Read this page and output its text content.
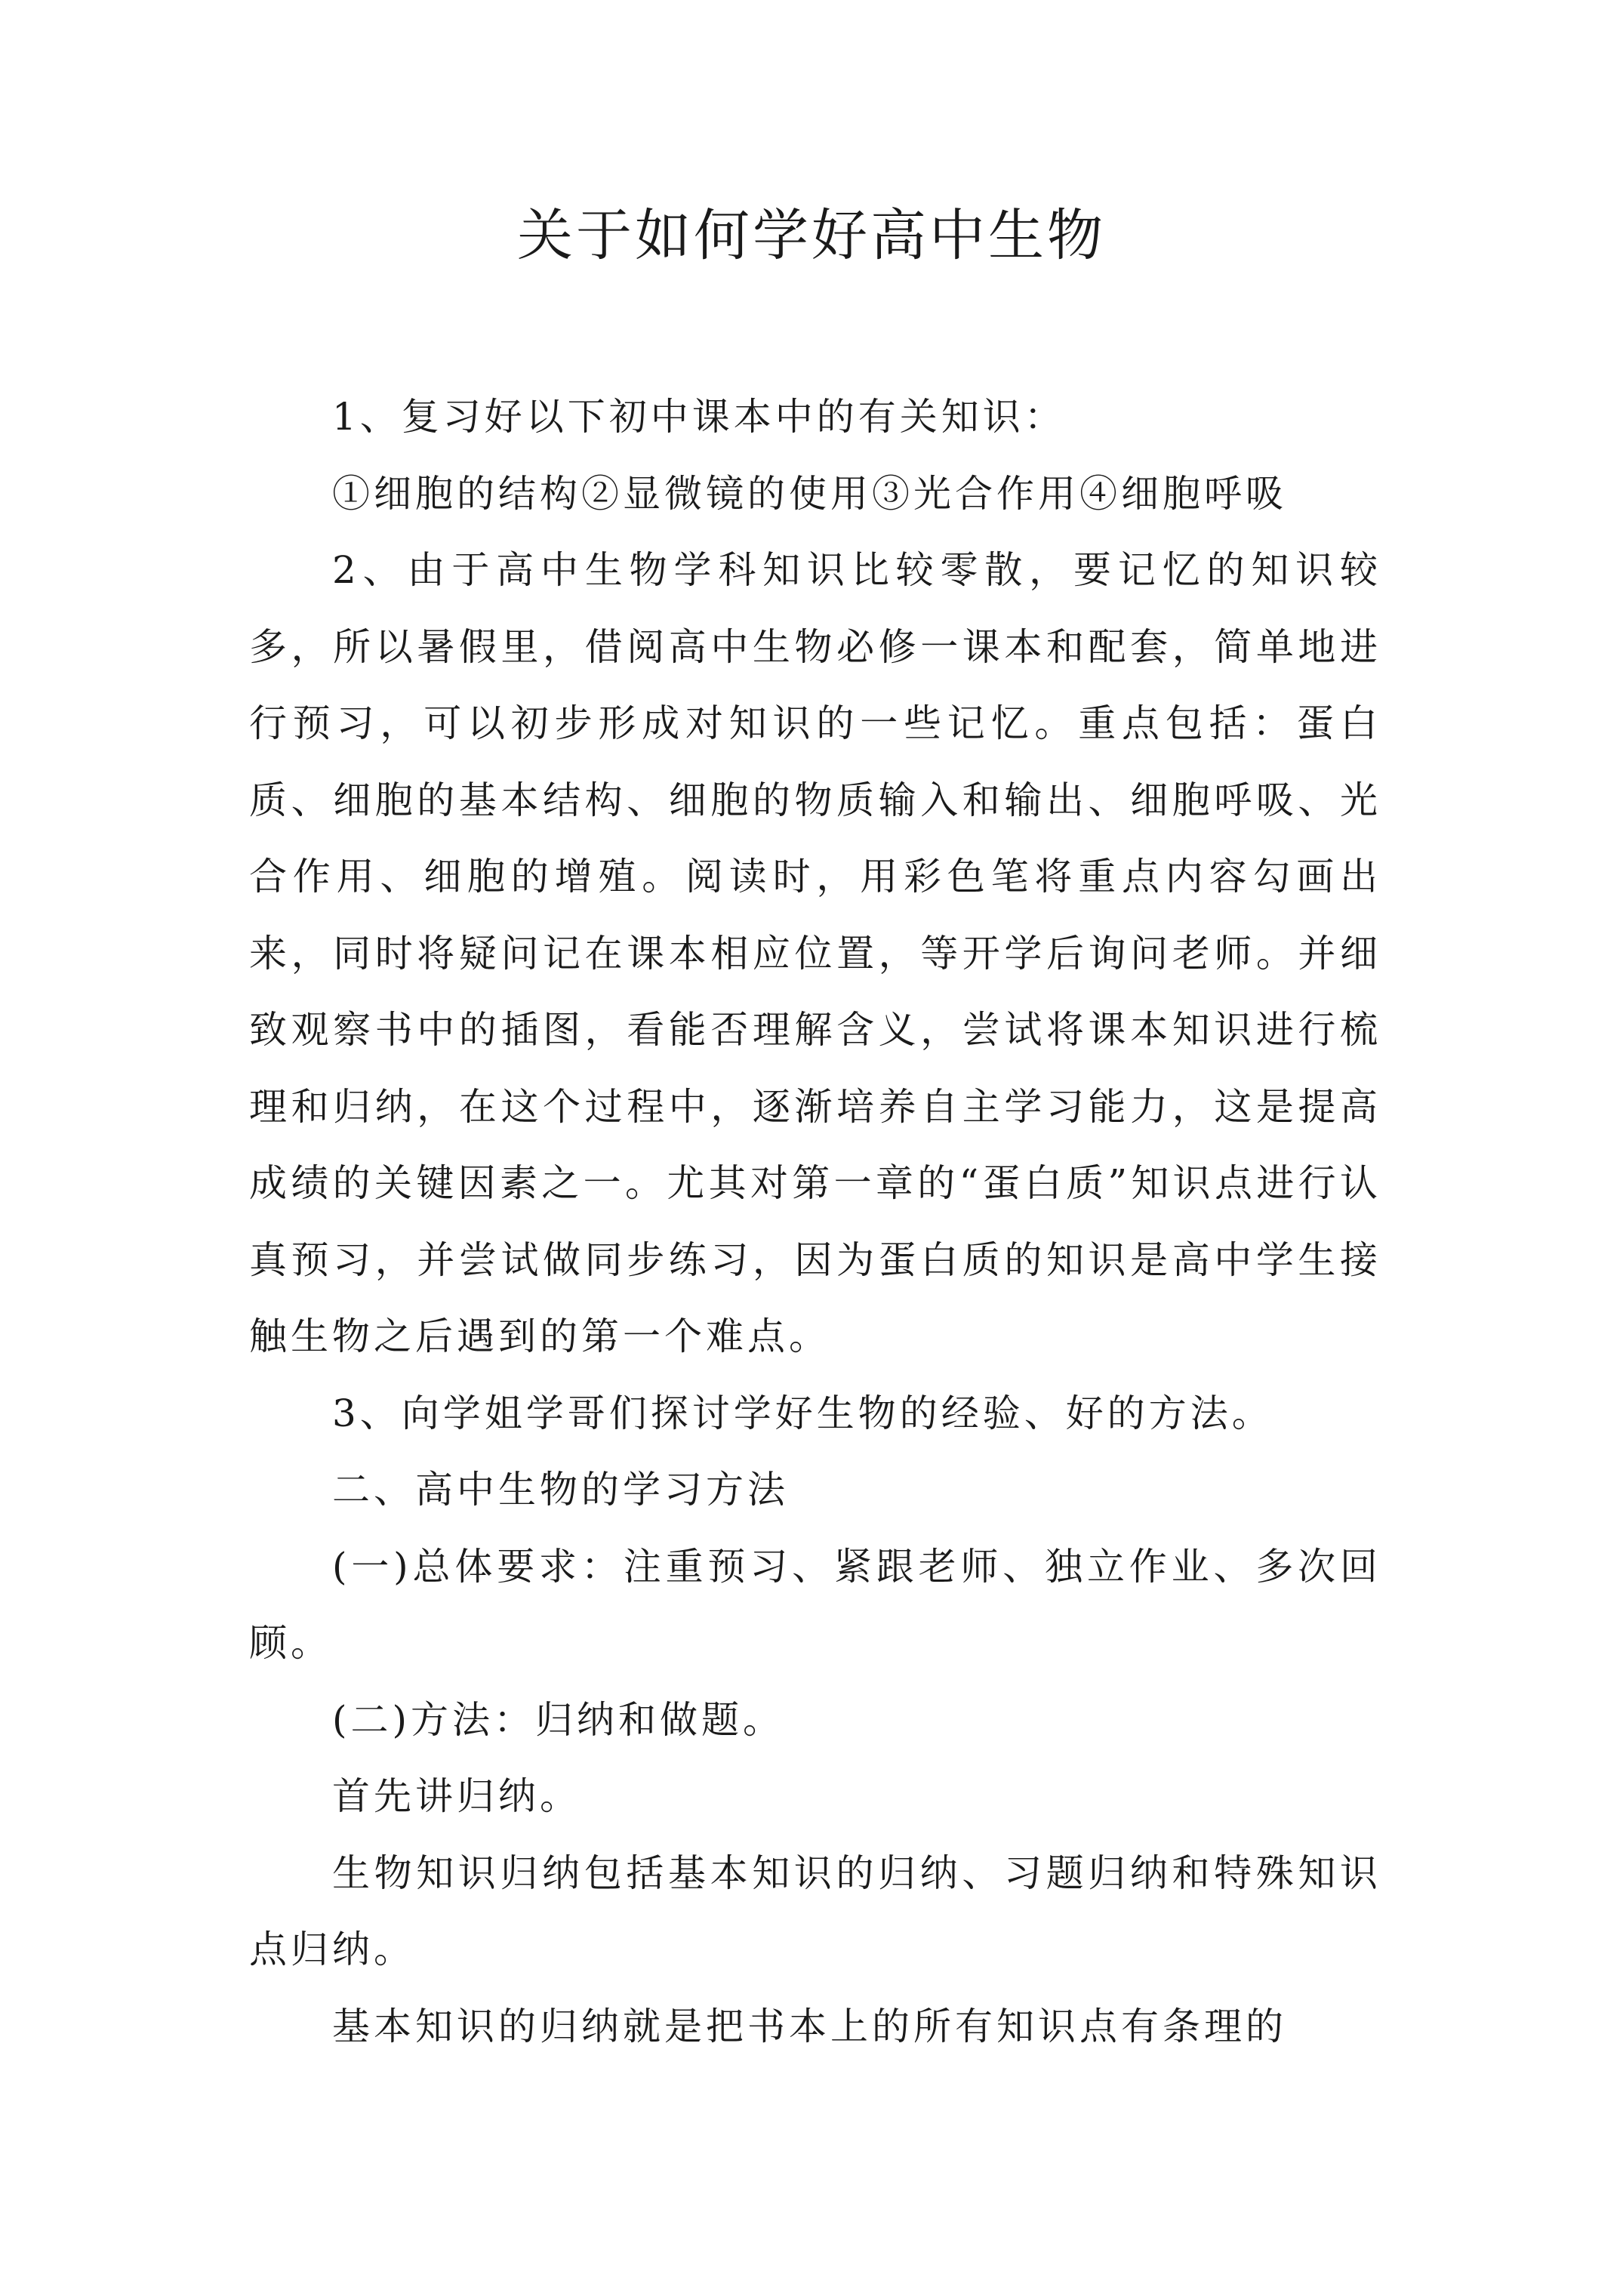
关于如何学好高中生物

1、复习好以下初中课本中的有关知识：

①细胞的结构②显微镜的使用③光合作用④细胞呼吸

2、由于高中生物学科知识比较零散，要记忆的知识较多，所以暑假里，借阅高中生物必修一课本和配套，简单地进行预习，可以初步形成对知识的一些记忆。重点包括：蛋白质、细胞的基本结构、细胞的物质输入和输出、细胞呼吸、光合作用、细胞的增殖。阅读时，用彩色笔将重点内容勾画出来，同时将疑问记在课本相应位置，等开学后询问老师。并细致观察书中的插图，看能否理解含义，尝试将课本知识进行梳理和归纳，在这个过程中，逐渐培养自主学习能力，这是提高成绩的关键因素之一。尤其对第一章的“蛋白质”知识点进行认真预习，并尝试做同步练习，因为蛋白质的知识是高中学生接触生物之后遇到的第一个难点。

3、向学姐学哥们探讨学好生物的经验、好的方法。

二、高中生物的学习方法

(一)总体要求：注重预习、紧跟老师、独立作业、多次回顾。

(二)方法：归纳和做题。

首先讲归纳。

生物知识归纳包括基本知识的归纳、习题归纳和特殊知识点归纳。

基本知识的归纳就是把书本上的所有知识点有条理的
